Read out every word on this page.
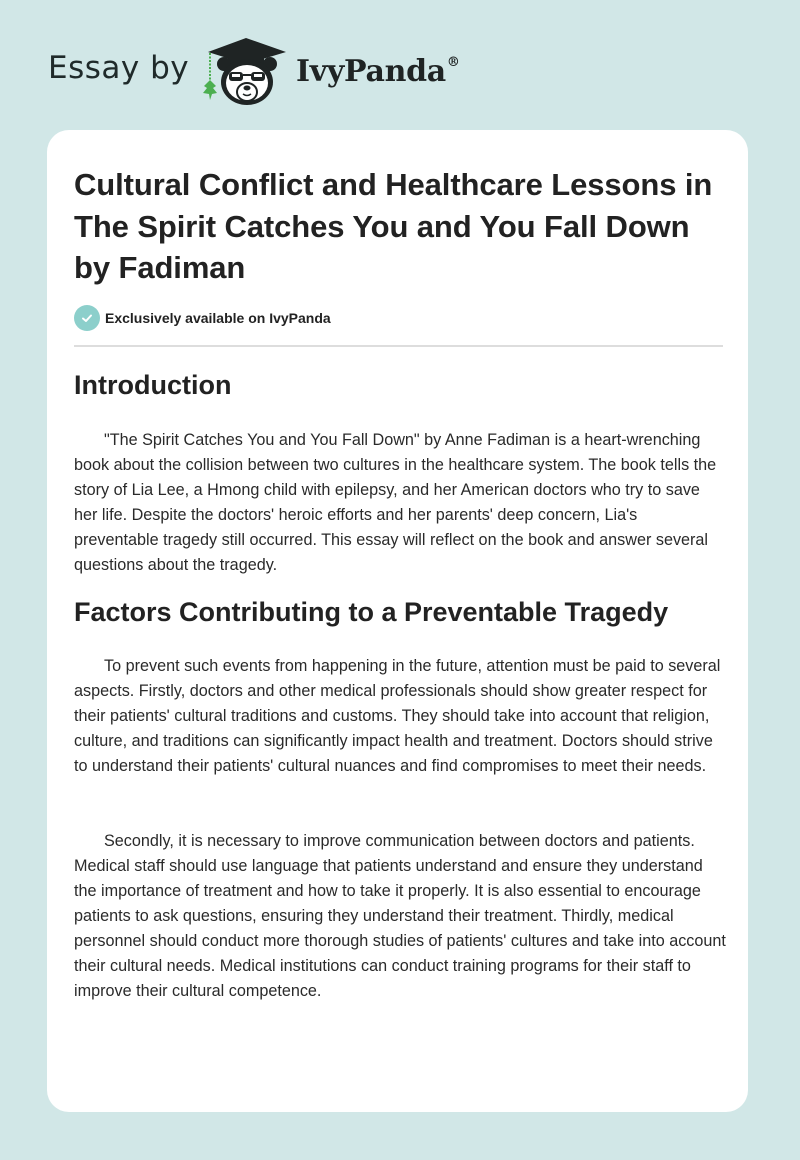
Essay by	IvyPanda®
Cultural Conflict and Healthcare Lessons in The Spirit Catches You and You Fall Down by Fadiman
Exclusively available on IvyPanda
Introduction

"The Spirit Catches You and You Fall Down" by Anne Fadiman is a heart-wrenching book about the collision between two cultures in the healthcare system. The book tells the story of Lia Lee, a Hmong child with epilepsy, and her American doctors who try to save her life. Despite the doctors' heroic efforts and her parents' deep concern, Lia's preventable tragedy still occurred. This essay will reflect on the book and answer several questions about the tragedy.

Factors Contributing to a Preventable Tragedy

To prevent such events from happening in the future, attention must be paid to several aspects. Firstly, doctors and other medical professionals should show greater respect for their patients' cultural traditions and customs. They should take into account that religion, culture, and traditions can significantly impact health and treatment. Doctors should strive to understand their patients' cultural nuances and find compromises to meet their needs.

Secondly, it is necessary to improve communication between doctors and patients. Medical staff should use language that patients understand and ensure they understand the importance of treatment and how to take it properly. It is also essential to encourage patients to ask questions, ensuring they understand their treatment. Thirdly, medical personnel should conduct more thorough studies of patients' cultures and take into account their cultural needs. Medical institutions can conduct training programs for their staff to improve their cultural competence.
